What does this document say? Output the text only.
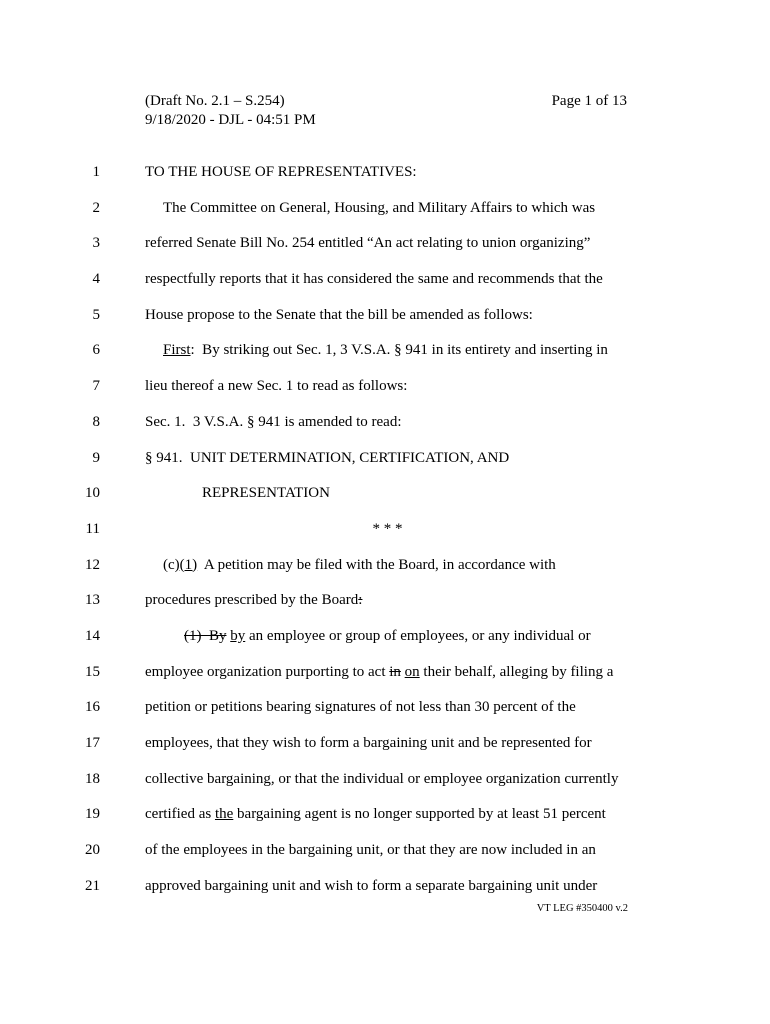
(Draft No. 2.1 – S.254)	Page 1 of 13
9/18/2020 - DJL - 04:51 PM
1	TO THE HOUSE OF REPRESENTATIVES:
2	The Committee on General, Housing, and Military Affairs to which was
3	referred Senate Bill No. 254 entitled “An act relating to union organizing”
4	respectfully reports that it has considered the same and recommends that the
5	House propose to the Senate that the bill be amended as follows:
6	First:  By striking out Sec. 1, 3 V.S.A. § 941 in its entirety and inserting in
7	lieu thereof a new Sec. 1 to read as follows:
8	Sec. 1.  3 V.S.A. § 941 is amended to read:
9	§ 941.  UNIT DETERMINATION, CERTIFICATION, AND
10	REPRESENTATION
11	* * *
12	(c)(1)  A petition may be filed with the Board, in accordance with
13	procedures prescribed by the Board:
14	(1)  By by an employee or group of employees, or any individual or
15	employee organization purporting to act in on their behalf, alleging by filing a
16	petition or petitions bearing signatures of not less than 30 percent of the
17	employees, that they wish to form a bargaining unit and be represented for
18	collective bargaining, or that the individual or employee organization currently
19	certified as the bargaining agent is no longer supported by at least 51 percent
20	of the employees in the bargaining unit, or that they are now included in an
21	approved bargaining unit and wish to form a separate bargaining unit under
VT LEG #350400 v.2
